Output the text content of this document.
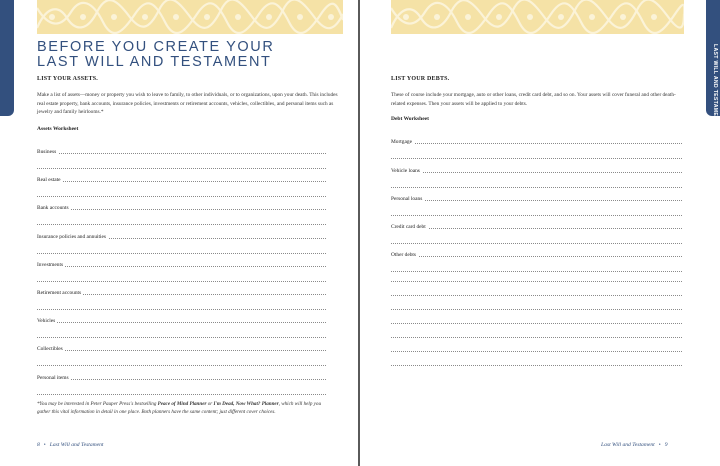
LAST WILL AND TESTAMENT
BEFORE YOU CREATE YOUR
LAST WILL AND TESTAMENT
LIST YOUR ASSETS.
Make a list of assets—money or property you wish to leave to family, to other individuals, or to organizations, upon your death. This includes real estate property, bank accounts, insurance policies, investments or retirement accounts, vehicles, collectibles, and personal items such as jewelry and family heirlooms.*
Assets Worksheet
Business
Real estate
Bank accounts
Insurance policies and annuities
Investments
Retirement accounts
Vehicles
Collectibles
Personal items
*You may be interested in Peter Pauper Press's bestselling Peace of Mind Planner or I'm Dead, Now What? Planner, which will help you gather this vital information in detail in one place. Both planners have the same content; just different cover choices.
8 • Last Will and Testament
LIST YOUR DEBTS.
These of course include your mortgage, auto or other loans, credit card debt, and so on. Your assets will cover funeral and other death-related expenses. Then your assets will be applied to your debts.
Debt Worksheet
Mortgage
Vehicle loans
Personal loans
Credit card debt
Other debts
Last Will and Testament • 9
